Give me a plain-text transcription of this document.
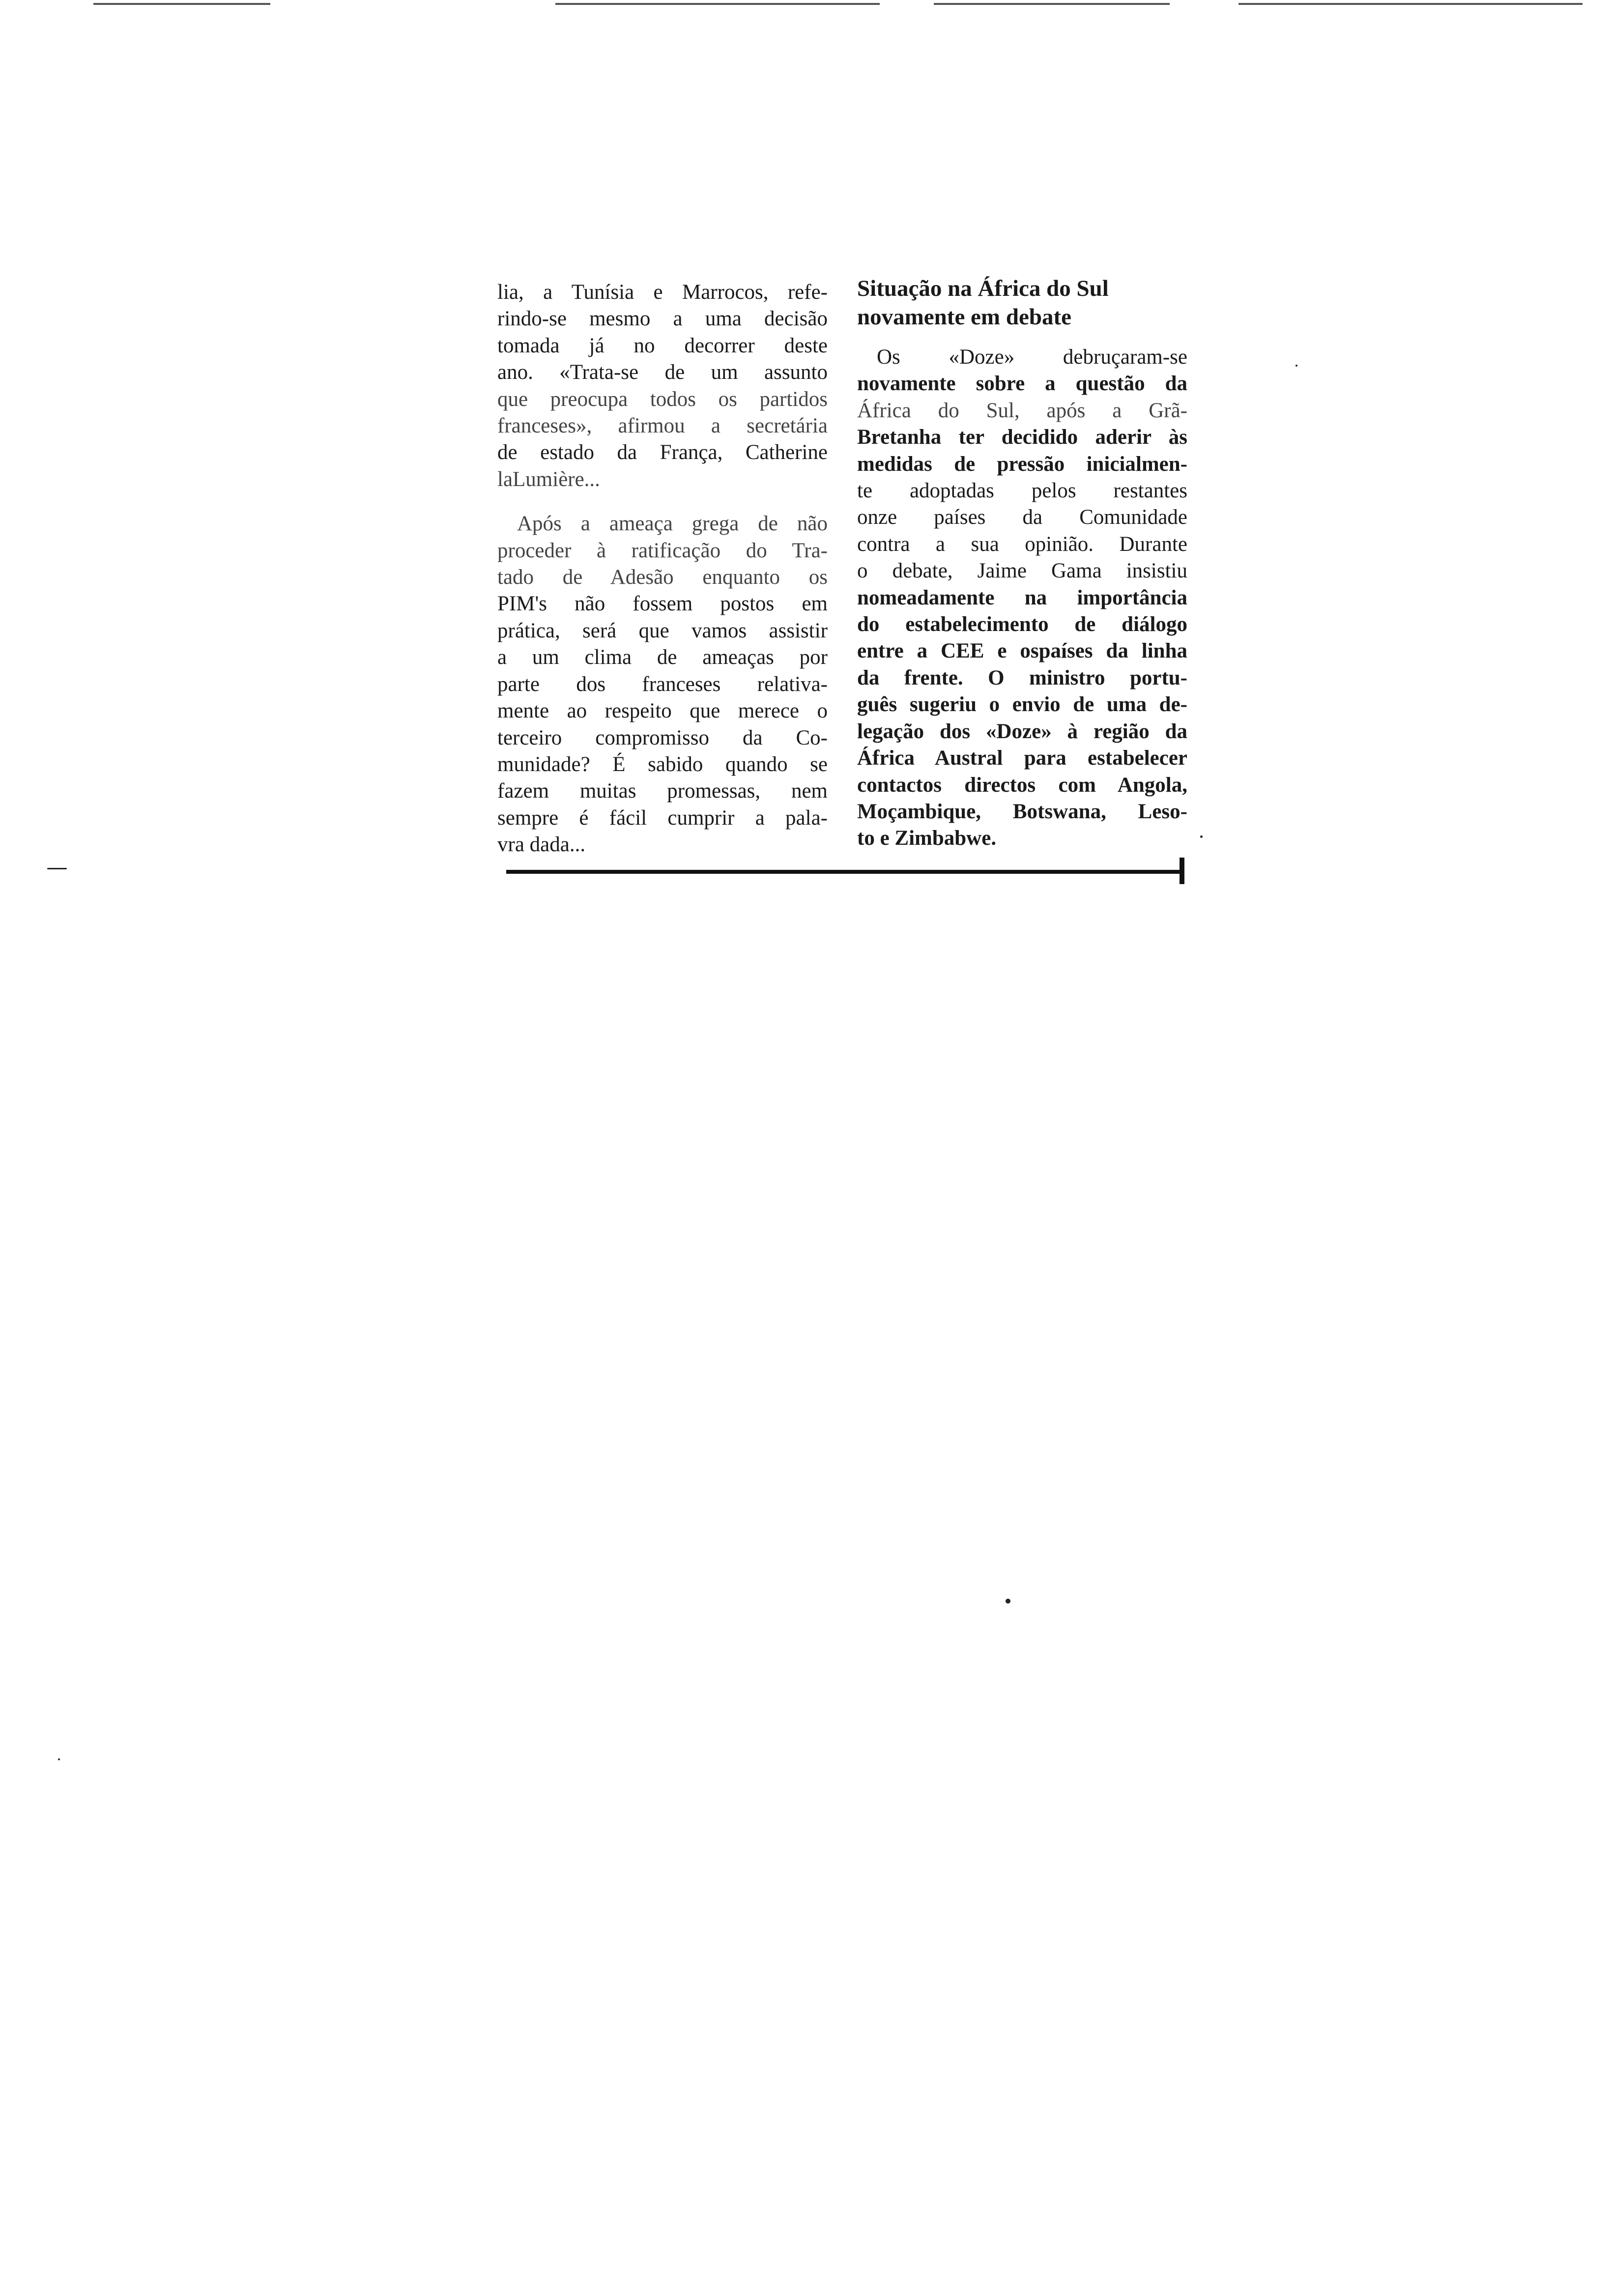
lia, a Tunísia e Marrocos, refe-
rindo-se mesmo a uma decisão
tomada já no decorrer deste
ano. «Trata-se de um assunto
que preocupa todos os partidos
franceses», afirmou a secretária
de estado da França, Catherine
laLumière...

Após a ameaça grega de não
proceder à ratificação do Tra-
tado de Adesão enquanto os
PIM's não fossem postos em
prática, será que vamos assistir
a um clima de ameaças por
parte dos franceses relativa-
mente ao respeito que merece o
terceiro compromisso da Co-
munidade? É sabido quando se
fazem muitas promessas, nem
sempre é fácil cumprir a pala-
vra dada...

Situação na África do Sul
novamente em debate

Os «Doze» debruçaram-se
novamente sobre a questão da
África do Sul, após a Grã-
Bretanha ter decidido aderir às
medidas de pressão inicialmen-
te adoptadas pelos restantes
onze países da Comunidade
contra a sua opinião. Durante
o debate, Jaime Gama insistiu
nomeadamente na importância
do estabelecimento de diálogo
entre a CEE e ospaíses da linha
da frente. O ministro portu-
guês sugeriu o envio de uma de-
legação dos «Doze» à região da
África Austral para estabelecer
contactos directos com Angola,
Moçambique, Botswana, Leso-
to e Zimbabwe.
